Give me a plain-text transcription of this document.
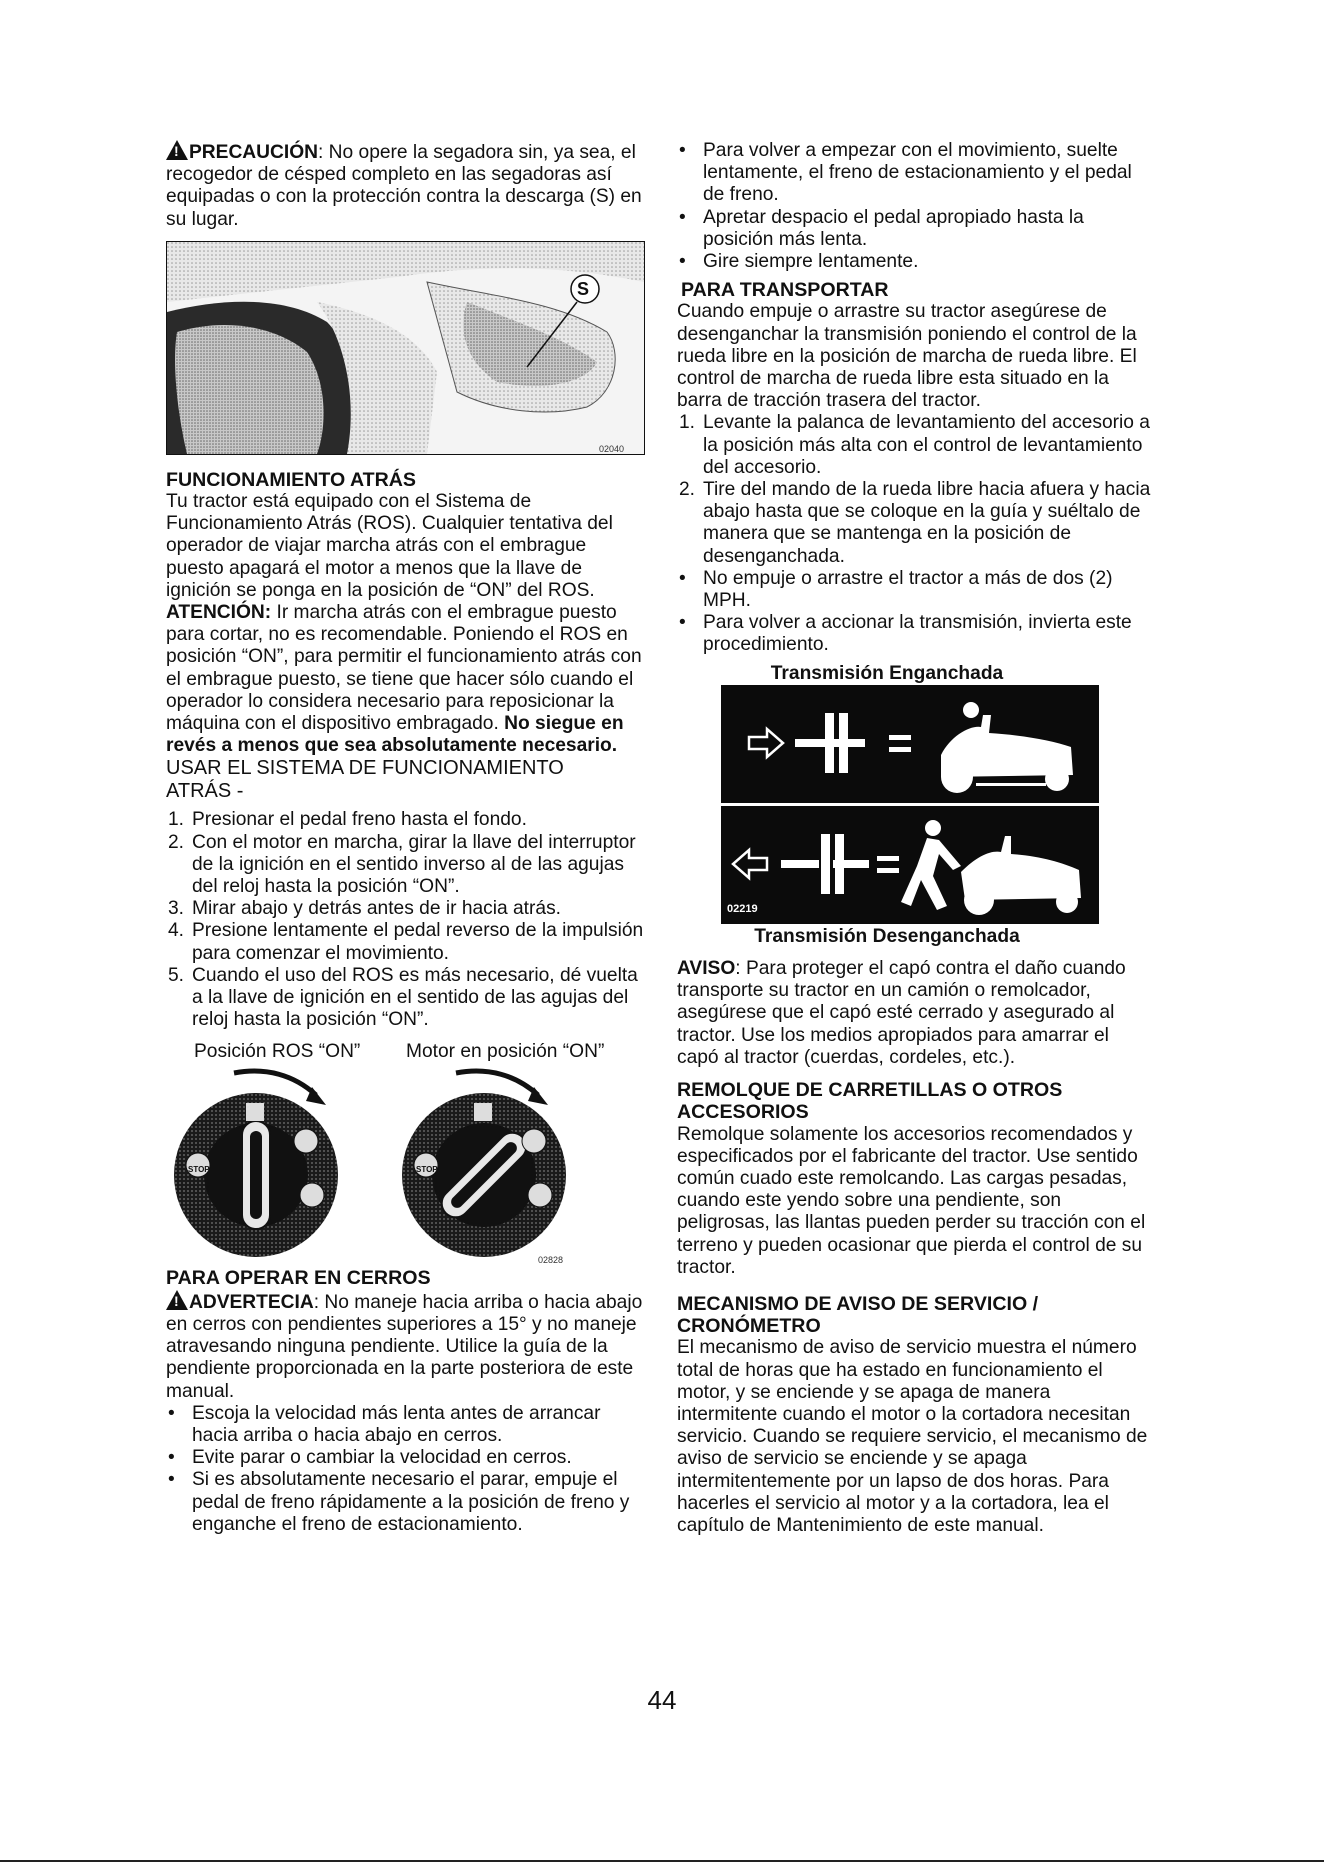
! PRECAUCIÓN: No opere la segadora sin, ya sea, el recogedor de césped completo en las segadoras así equipadas o con la protección contra la descarga (S) en su lugar.

S
02040

FUNCIONAMIENTO ATRÁS

Tu tractor está equipado con el Sistema de Funcionamiento Atrás (ROS). Cualquier tentativa del operador de viajar marcha atrás con el embrague puesto apagará el motor a menos que la llave de ignición se ponga en la posición de “ON” del ROS.

ATENCIÓN: Ir marcha atrás con el embrague puesto para cortar, no es recomendable. Poniendo el ROS en posición “ON”, para permitir el funcionamiento atrás con el embrague puesto, se tiene que hacer sólo cuando el operador lo considera necesario para reposicionar la máquina con el dispositivo embragado. No siegue en revés a menos que sea absolutamente necesario.

USAR EL SISTEMA DE FUNCIONAMIENTO ATRÁS -

1. Presionar el pedal freno hasta el fondo.
2. Con el motor en marcha, girar la llave del interruptor de la ignición en el sentido inverso al de las agujas del reloj hasta la posición “ON”.
3. Mirar abajo y detrás antes de ir hacia atrás.
4. Presione lentamente el pedal reverso de la impulsión para comenzar el movimiento.
5. Cuando el uso del ROS es más necesario, dé vuelta a la llave de ignición en el sentido de las agujas del reloj hasta la posición “ON”.
Posición ROS “ON” Motor en posición “ON”
STOP	STOP
02828

PARA OPERAR EN CERROS

! ADVERTECIA: No maneje hacia arriba o hacia abajo en cerros con pendientes superiores a 15° y no maneje atravesando ninguna pendiente. Utilice la guía de la pendiente proporcionada en la parte posteriora de este manual.

• Escoja la velocidad más lenta antes de arrancar hacia arriba o hacia abajo en cerros.
• Evite parar o cambiar la velocidad en cerros.
• Si es absolutamente necesario el parar, empuje el pedal de freno rápidamente a la posición de freno y enganche el freno de estacionamiento.
• Para volver a empezar con el movimiento, suelte lentamente, el freno de estacionamiento y el pedal de freno.
• Apretar despacio el pedal apropiado hasta la posición más lenta.
• Gire siempre lentamente.

PARA TRANSPORTAR

Cuando empuje o arrastre su tractor asegúrese de desenganchar la transmisión poniendo el control de la rueda libre en la posición de marcha de rueda libre. El control de marcha de rueda libre esta situado en la barra de tracción trasera del tractor.

1. Levante la palanca de levantamiento del accesorio a la posición más alta con el control de levantamiento del accesorio.
2. Tire del mando de la rueda libre hacia afuera y hacia abajo hasta que se coloque en la guía y suéltalo de manera que se mantenga en la posición de desenganchada.
• No empuje o arrastre el tractor a más de dos (2) MPH.
• Para volver a accionar la transmisión, invierta este procedimiento.

Transmisión Enganchada

02219

Transmisión Desenganchada

AVISO: Para proteger el capó contra el daño cuando transporte su tractor en un camión o remolcador, asegúrese que el capó esté cerrado y asegurado al tractor. Use los medios apropiados para amarrar el capó al tractor (cuerdas, cordeles, etc.).

REMOLQUE DE CARRETILLAS O OTROS ACCESORIOS

Remolque solamente los accesorios recomendados y especificados por el fabricante del tractor. Use sentido común cuado este remolcando. Las cargas pesadas, cuando este yendo sobre una pendiente, son peligrosas, las llantas pueden perder su tracción con el terreno y pueden ocasionar que pierda el control de su tractor.

MECANISMO DE AVISO DE SERVICIO / CRONÓMETRO

El mecanismo de aviso de servicio muestra el número total de horas que ha estado en funcionamiento el motor, y se enciende y se apaga de manera intermitente cuando el motor o la cortadora necesitan servicio. Cuando se requiere servicio, el mecanismo de aviso de servicio se enciende y se apaga intermitentemente por un lapso de dos horas. Para hacerles el servicio al motor y a la cortadora, lea el capítulo de Mantenimiento de este manual.

44
